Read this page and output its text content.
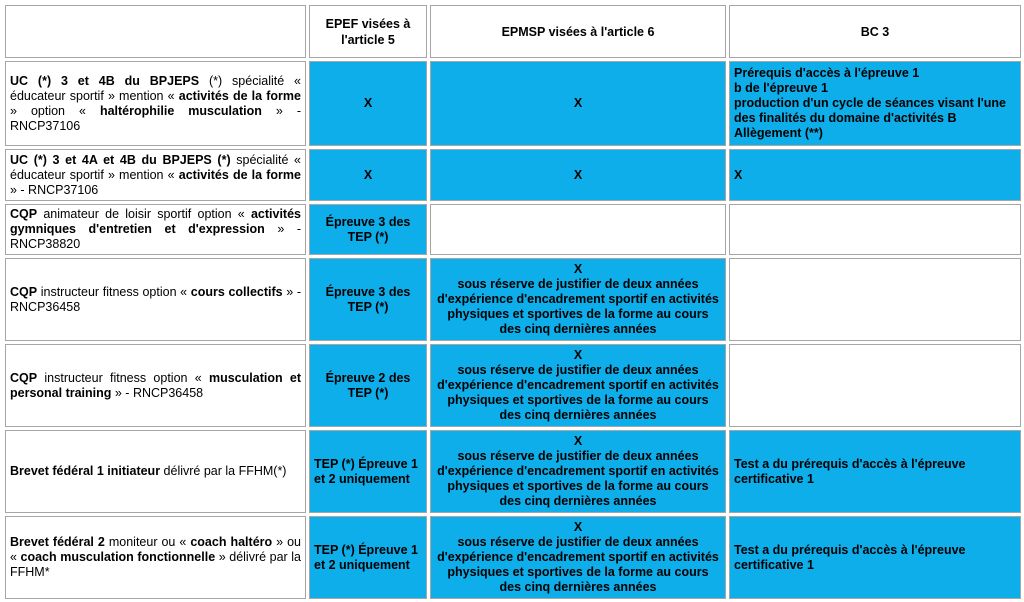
	EPEF visées à l'article 5	EPMSP visées à l'article 6	BC 3
UC (*) 3 et 4B du BPJEPS (*) spécialité « éducateur sportif » mention « activités de la forme » option « haltérophilie musculation » - RNCP37106	X	X	Prérequis d'accès à l'épreuve 1
b de l'épreuve 1
production d'un cycle de séances visant l'une des finalités du domaine d'activités B
Allègement (**)

UC (*) 3 et 4A et 4B du BPJEPS (*) spécialité « éducateur sportif » mention « activités de la forme » - RNCP37106	X	X	X

CQP animateur de loisir sportif option « activités gymniques d'entretien et d'expression » - RNCP38820	Épreuve 3 des TEP (*)		
CQP instructeur fitness option « cours collectifs » - RNCP36458	Épreuve 3 des TEP (*)	X
sous réserve de justifier de deux années d'expérience d'encadrement sportif en activités physiques et sportives de la forme au cours des cinq dernières années	

CQP instructeur fitness option « musculation et personal training » - RNCP36458	Épreuve 2 des TEP (*)	X
sous réserve de justifier de deux années d'expérience d'encadrement sportif en activités physiques et sportives de la forme au cours des cinq dernières années	

Brevet fédéral 1 initiateur délivré par la FFHM(*)	TEP (*) Épreuve 1 et 2 uniquement	X
sous réserve de justifier de deux années d'expérience d'encadrement sportif en activités physiques et sportives de la forme au cours des cinq dernières années	Test a du prérequis d'accès à l'épreuve certificative 1

Brevet fédéral 2 moniteur ou « coach haltéro » ou « coach musculation fonctionnelle » délivré par la FFHM*	TEP (*) Épreuve 1 et 2 uniquement	X
sous réserve de justifier de deux années d'expérience d'encadrement sportif en activités physiques et sportives de la forme au cours des cinq dernières années	Test a du prérequis d'accès à l'épreuve certificative 1
